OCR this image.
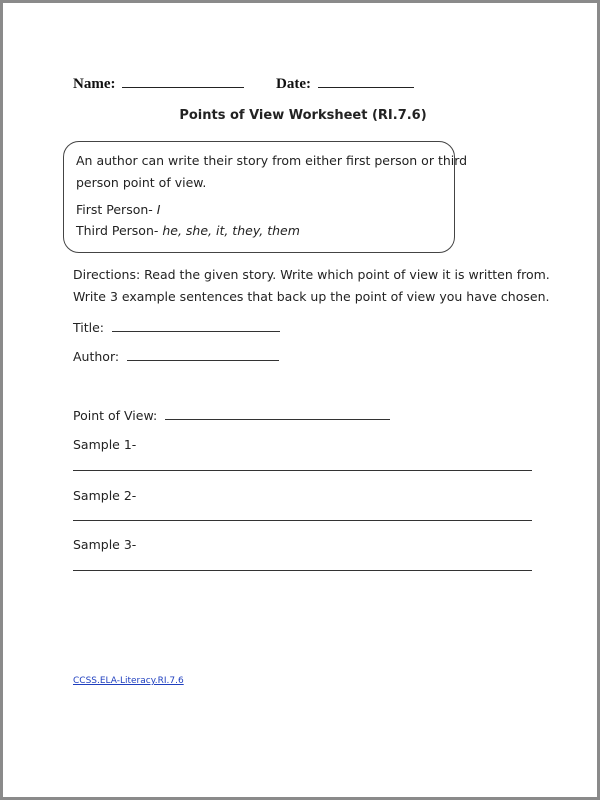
Name:	Date:
Points of View Worksheet (RI.7.6)
An author can write their story from either first person or third
person point of view.
First Person- I
Third Person- he, she, it, they, them
Directions: Read the given story. Write which point of view it is written from.
Write 3 example sentences that back up the point of view you have chosen.
Title:
Author:
Point of View:
Sample 1-
Sample 2-
Sample 3-
CCSS.ELA-Literacy.RI.7.6
